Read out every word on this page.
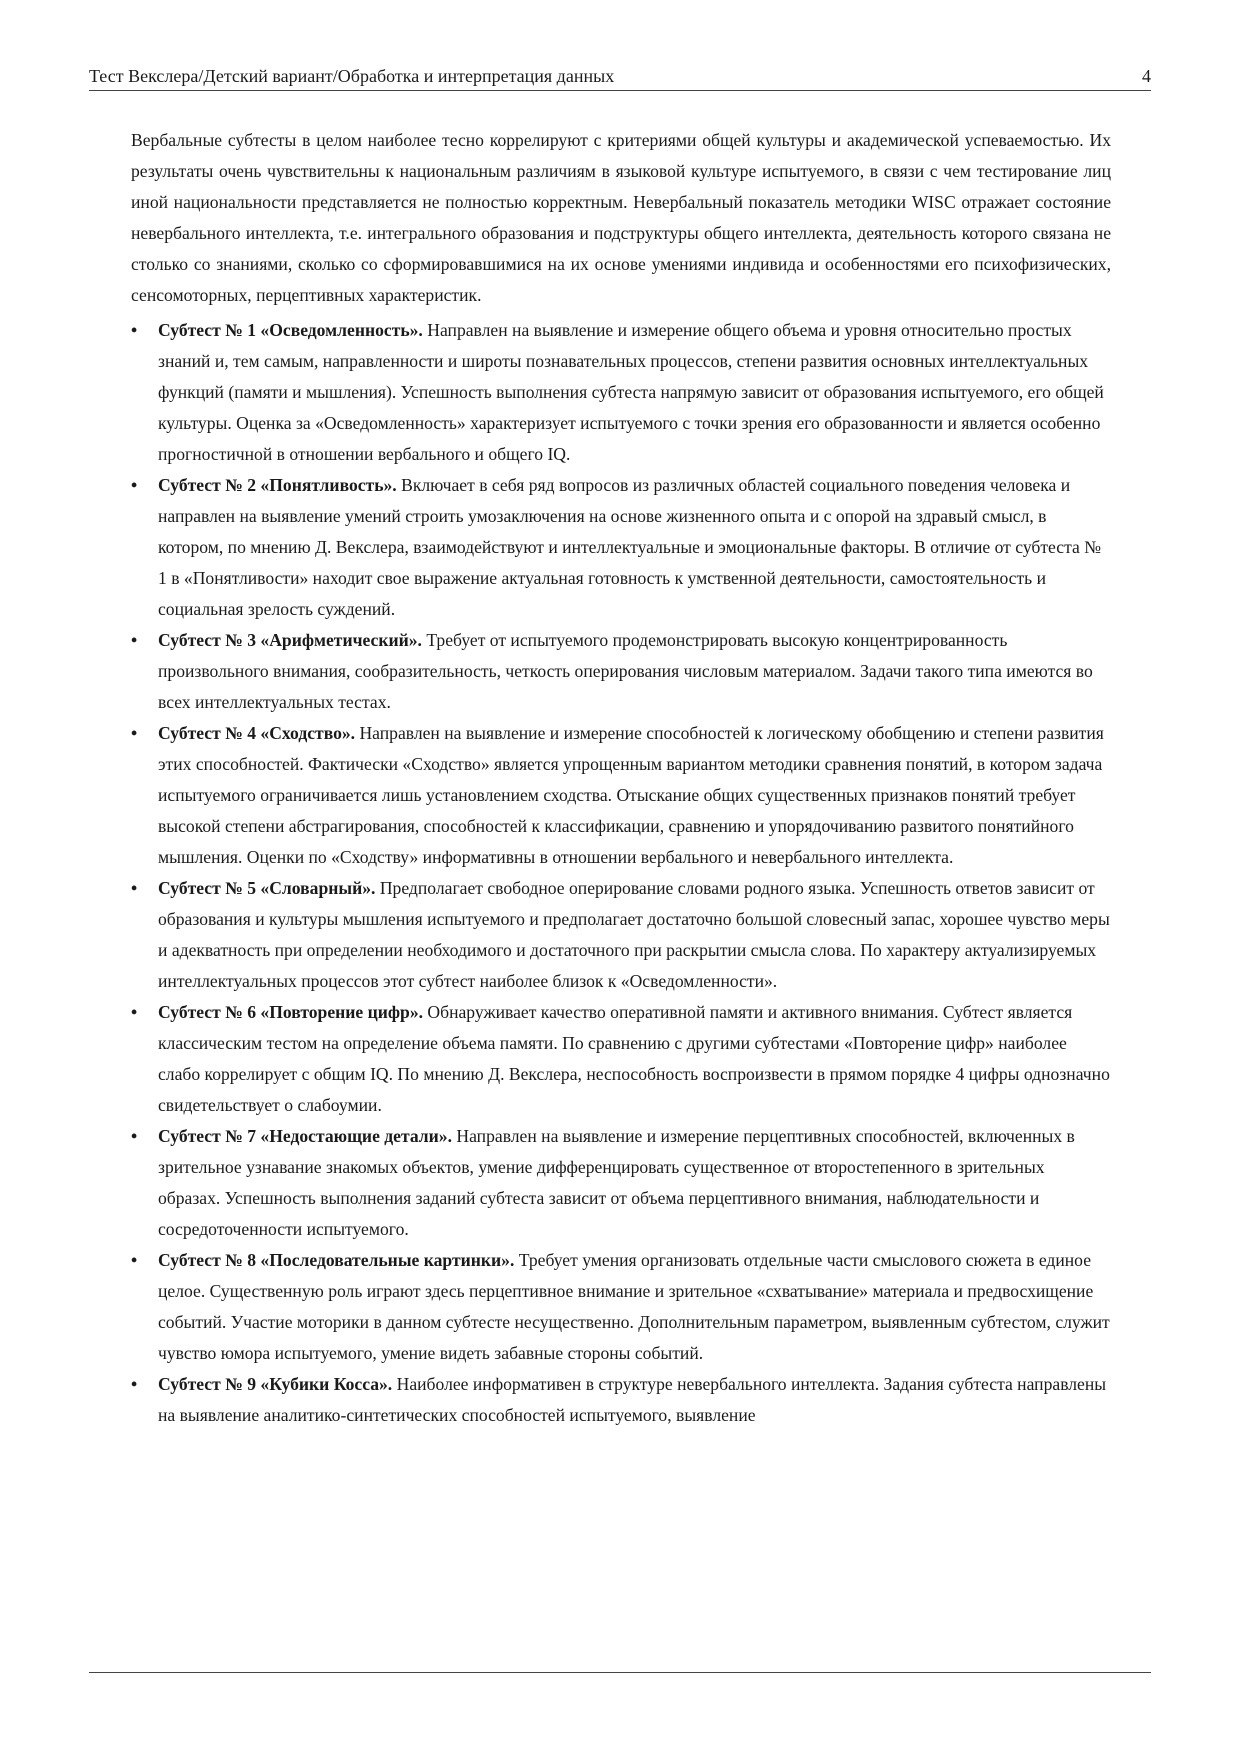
Тест Векслера/Детский вариант/Обработка и интерпретация данных	4

Вербальные субтесты в целом наиболее тесно коррелируют с критериями общей культуры и академической успеваемостью. Их результаты очень чувствительны к национальным различиям в языковой культуре испытуемого, в связи с чем тестирование лиц иной национальности представляется не полностью корректным. Невербальный показатель методики WISC отражает состояние невербального интеллекта, т.е. интегрального образования и подструктуры общего интеллекта, деятельность которого связана не столько со знаниями, сколько со сформировавшимися на их основе умениями индивида и особенностями его психофизических, сенсомоторных, перцептивных характеристик.

• Субтест № 1 «Осведомленность». Направлен на выявление и измерение общего объема и уровня относительно простых знаний и, тем самым, направленности и широты познавательных процессов, степени развития основных интеллектуальных функций (памяти и мышления). Успешность выполнения субтеста напрямую зависит от образования испытуемого, его общей культуры. Оценка за «Осведомленность» характеризует испытуемого с точки зрения его образованности и является особенно прогностичной в отношении вербального и общего IQ.
• Субтест № 2 «Понятливость». Включает в себя ряд вопросов из различных областей социального поведения человека и направлен на выявление умений строить умозаключения на основе жизненного опыта и с опорой на здравый смысл, в котором, по мнению Д. Векслера, взаимодействуют и интеллектуальные и эмоциональные факторы. В отличие от субтеста № 1 в «Понятливости» находит свое выражение актуальная готовность к умственной деятельности, самостоятельность и социальная зрелость суждений.
• Субтест № 3 «Арифметический». Требует от испытуемого продемонстрировать высокую концентрированность произвольного внимания, сообразительность, четкость оперирования числовым материалом. Задачи такого типа имеются во всех интеллектуальных тестах.
• Субтест № 4 «Сходство». Направлен на выявление и измерение способностей к логическому обобщению и степени развития этих способностей. Фактически «Сходство» является упрощенным вариантом методики сравнения понятий, в котором задача испытуемого ограничивается лишь установлением сходства. Отыскание общих существенных признаков понятий требует высокой степени абстрагирования, способностей к классификации, сравнению и упорядочиванию развитого понятийного мышления. Оценки по «Сходству» информативны в отношении вербального и невербального интеллекта.
• Субтест № 5 «Словарный». Предполагает свободное оперирование словами родного языка. Успешность ответов зависит от образования и культуры мышления испытуемого и предполагает достаточно большой словесный запас, хорошее чувство меры и адекватность при определении необходимого и достаточного при раскрытии смысла слова. По характеру актуализируемых интеллектуальных процессов этот субтест наиболее близок к «Осведомленности».
• Субтест № 6 «Повторение цифр». Обнаруживает качество оперативной памяти и активного внимания. Субтест является классическим тестом на определение объема памяти. По сравнению с другими субтестами «Повторение цифр» наиболее слабо коррелирует с общим IQ. По мнению Д. Векслера, неспособность воспроизвести в прямом порядке 4 цифры однозначно свидетельствует о слабоумии.
• Субтест № 7 «Недостающие детали». Направлен на выявление и измерение перцептивных способностей, включенных в зрительное узнавание знакомых объектов, умение дифференцировать существенное от второстепенного в зрительных образах. Успешность выполнения заданий субтеста зависит от объема перцептивного внимания, наблюдательности и сосредоточенности испытуемого.
• Субтест № 8 «Последовательные картинки». Требует умения организовать отдельные части смыслового сюжета в единое целое. Существенную роль играют здесь перцептивное внимание и зрительное «схватывание» материала и предвосхищение событий. Участие моторики в данном субтесте несущественно. Дополнительным параметром, выявленным субтестом, служит чувство юмора испытуемого, умение видеть забавные стороны событий.
• Субтест № 9 «Кубики Косса». Наиболее информативен в структуре невербального интеллекта. Задания субтеста направлены на выявление аналитико-синтетических способностей испытуемого, выявление
